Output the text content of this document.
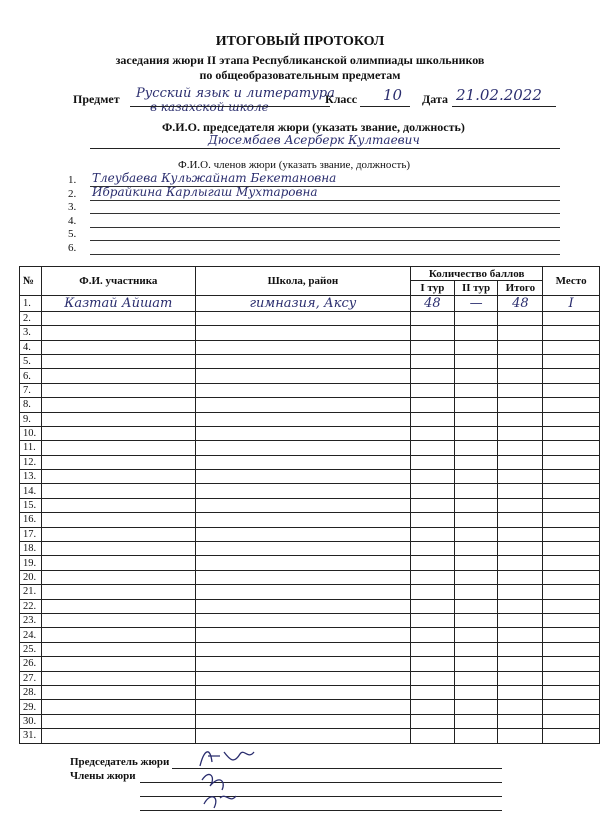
ИТОГОВЫЙ ПРОТОКОЛ
заседания жюри II этапа Республиканской олимпиады школьников
по общеобразовательным предметам
Предмет Русский язык и литература
в казахской школе
Класс 10 Дата 21.02.2022
Ф.И.О. председателя жюри (указать звание, должность)
Дюсембаев Асерберк Култаевич
Ф.И.О. членов жюри (указать звание, должность)
1. Тлеубаева Кульжайнат Бекетановна
2. Ибрайкина Карлыгаш Мухтаровна
3.
4.
5.
6.
№	Ф.И. участника	Школа, район	Количество баллов			Место
			I тур	II тур	Итого	
1.	Казтай Айшат	гимназия, Аксу	48	—	48	I
2.						
3.						
4.						
5.						
6.						
7.						
8.						
9.						
10.						
11.						
12.						
13.						
14.						
15.						
16.						
17.						
18.						
19.						
20.						
21.						
22.						
23.						
24.						
25.						
26.						
27.						
28.						
29.						
30.						
31.						
Председатель жюри
Члены жюри
